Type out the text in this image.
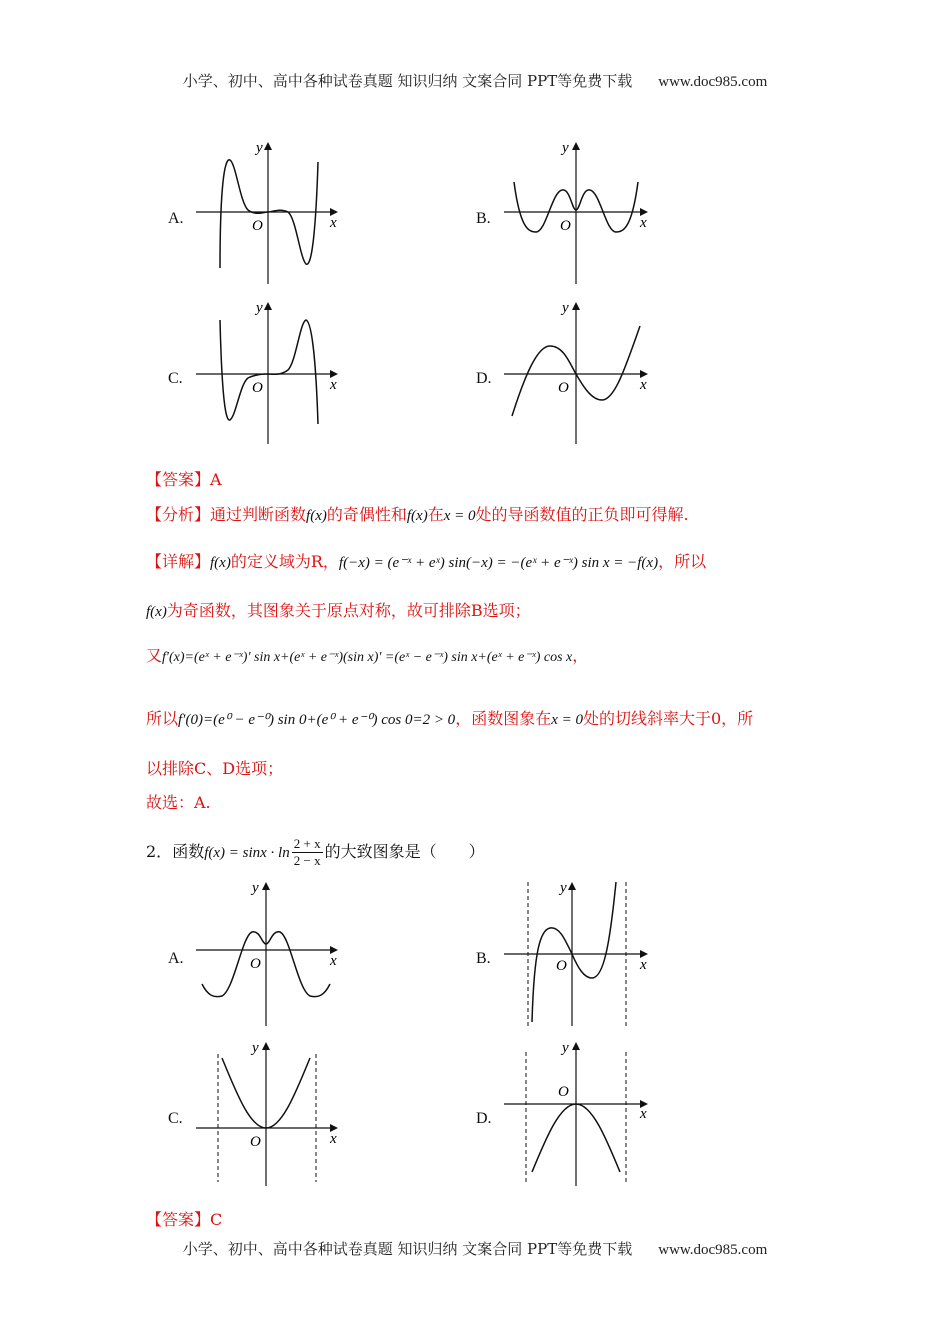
小学、初中、高中各种试卷真题 知识归纳 文案合同 PPT等免费下载 www.doc985.com
小学、初中、高中各种试卷真题 知识归纳 文案合同 PPT等免费下载 www.doc985.com
A.	B.
C.	D.
x
y
O	x
y
O
x
y
O	x
y
O
【答案】A
【分析】通过判断函数f(x)的奇偶性和f(x)在x = 0处的导函数值的正负即可得解.
【详解】f(x)的定义域为R，f(−x) = (e⁻ˣ + eˣ) sin(−x) = −(eˣ + e⁻ˣ) sin x = −f(x)，所以
f(x)为奇函数，其图象关于原点对称，故可排除B选项；
又f′(x)=(eˣ + e⁻ˣ)′ sin x+(eˣ + e⁻ˣ)(sin x)′ =(eˣ − e⁻ˣ) sin x+(eˣ + e⁻ˣ) cos x，
所以f′(0)=(e⁰ − e⁻⁰) sin 0+(e⁰ + e⁻⁰) cos 0=2 > 0，函数图象在x = 0处的切线斜率大于0，所
以排除C、D选项；
故选：A.
2．函数$f(x) = \sin x \cdot \ln \frac{2 + x}{2 - x}$ 的大致图象是（　　）
A.	B.
C.	D.
x
y
O	x
y
O
x
y
O
x
y
O
【答案】C
